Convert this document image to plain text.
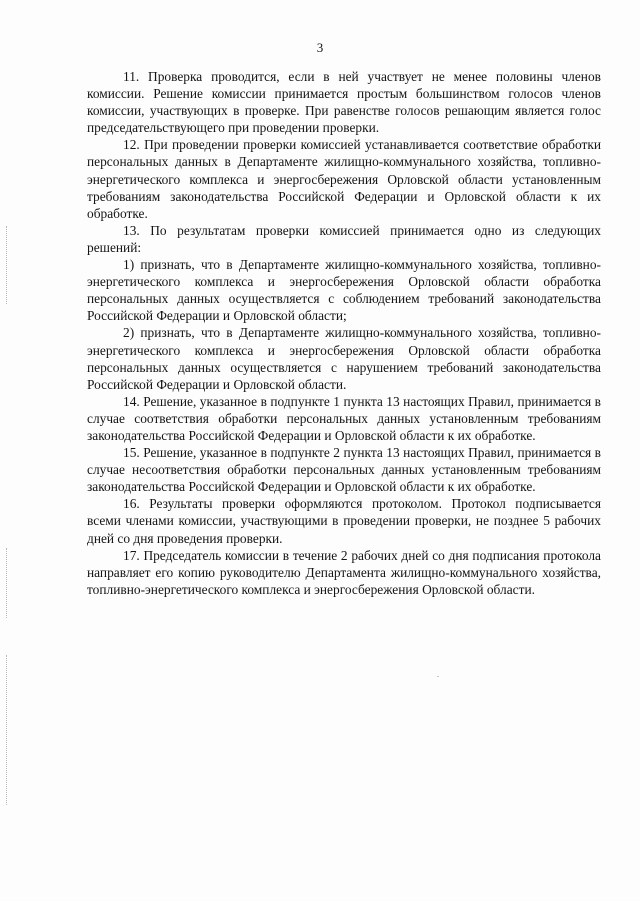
3

11. Проверка проводится, если в ней участвует не менее половины членов комиссии. Решение комиссии принимается простым большинством голосов членов комиссии, участвующих в проверке. При равенстве голосов решающим является голос председательствующего при проведении проверки.

12. При проведении проверки комиссией устанавливается соответствие обработки персональных данных в Департаменте жилищно-коммунального хозяйства, топливно-энергетического комплекса и энергосбережения Орловской области установленным требованиям законодательства Российской Федерации и Орловской области к их обработке.

13. По результатам проверки комиссией принимается одно из следующих решений:

1) признать, что в Департаменте жилищно-коммунального хозяйства, топливно-энергетического комплекса и энергосбережения Орловской области обработка персональных данных осуществляется с соблюдением требований законодательства Российской Федерации и Орловской области;

2) признать, что в Департаменте жилищно-коммунального хозяйства, топливно-энергетического комплекса и энергосбережения Орловской области обработка персональных данных осуществляется с нарушением требований законодательства Российской Федерации и Орловской области.

14. Решение, указанное в подпункте 1 пункта 13 настоящих Правил, принимается в случае соответствия обработки персональных данных установленным требованиям законодательства Российской Федерации и Орловской области к их обработке.

15. Решение, указанное в подпункте 2 пункта 13 настоящих Правил, принимается в случае несоответствия обработки персональных данных установленным требованиям законодательства Российской Федерации и Орловской области к их обработке.

16. Результаты проверки оформляются протоколом. Протокол подписывается всеми членами комиссии, участвующими в проведении проверки, не позднее 5 рабочих дней со дня проведения проверки.

17. Председатель комиссии в течение 2 рабочих дней со дня подписания протокола направляет его копию руководителю Департамента жилищно-коммунального хозяйства, топливно-энергетического комплекса и энергосбережения Орловской области.
